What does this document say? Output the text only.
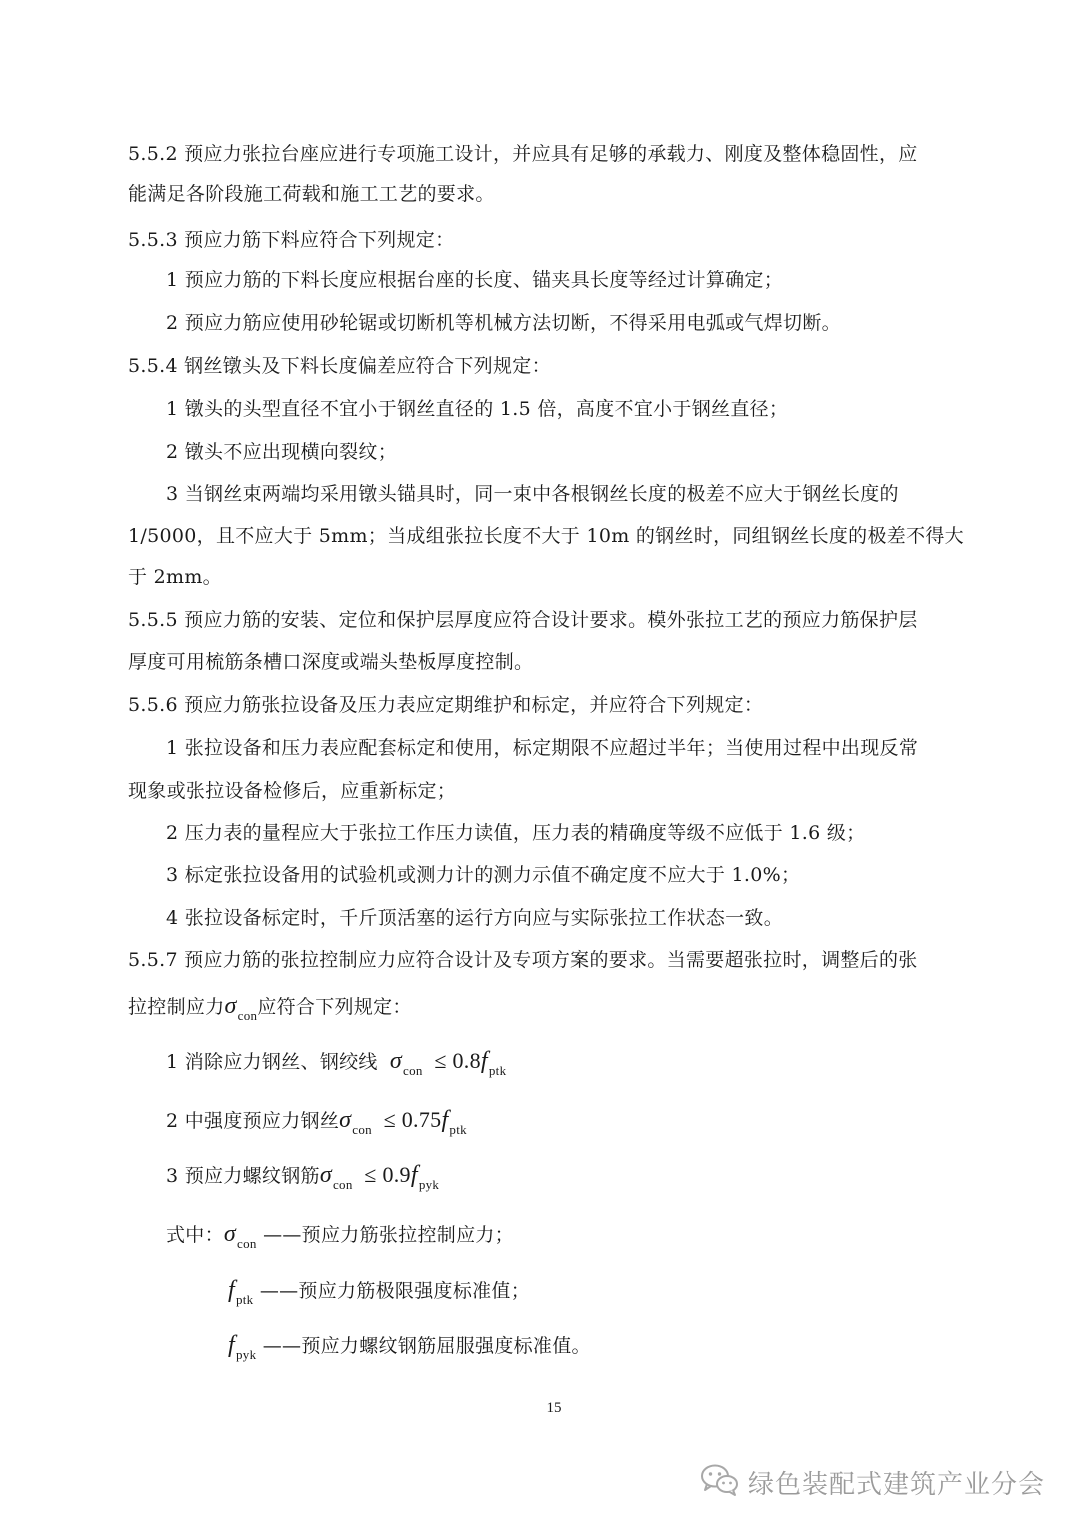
5.5.2 预应力张拉台座应进行专项施工设计，并应具有足够的承载力、刚度及整体稳固性，应
能满足各阶段施工荷载和施工工艺的要求。
5.5.3 预应力筋下料应符合下列规定：
1 预应力筋的下料长度应根据台座的长度、锚夹具长度等经过计算确定；
2 预应力筋应使用砂轮锯或切断机等机械方法切断，不得采用电弧或气焊切断。
5.5.4 钢丝镦头及下料长度偏差应符合下列规定：
1 镦头的头型直径不宜小于钢丝直径的 1.5 倍，高度不宜小于钢丝直径；
2 镦头不应出现横向裂纹；
3 当钢丝束两端均采用镦头锚具时，同一束中各根钢丝长度的极差不应大于钢丝长度的
1/5000，且不应大于 5mm；当成组张拉长度不大于 10m 的钢丝时，同组钢丝长度的极差不得大
于 2mm。
5.5.5 预应力筋的安装、定位和保护层厚度应符合设计要求。模外张拉工艺的预应力筋保护层
厚度可用梳筋条槽口深度或端头垫板厚度控制。
5.5.6 预应力筋张拉设备及压力表应定期维护和标定，并应符合下列规定：
1 张拉设备和压力表应配套标定和使用，标定期限不应超过半年；当使用过程中出现反常
现象或张拉设备检修后，应重新标定；
2 压力表的量程应大于张拉工作压力读值，压力表的精确度等级不应低于 1.6 级；
3 标定张拉设备用的试验机或测力计的测力示值不确定度不应大于 1.0%；
4 张拉设备标定时，千斤顶活塞的运行方向应与实际张拉工作状态一致。
5.5.7 预应力筋的张拉控制应力应符合设计及专项方案的要求。当需要超张拉时，调整后的张
拉控制应力$\sigma_{con}$应符合下列规定：
1 消除应力钢丝、钢绞线 $\sigma_{con} \le 0.8f_{ptk}$
2 中强度预应力钢丝$\sigma_{con} \le 0.75f_{ptk}$
3 预应力螺纹钢筋$\sigma_{con} \le 0.9f_{pyk}$
式中：$\sigma_{con}$ ——预应力筋张拉控制应力；
$f_{ptk}$ ——预应力筋极限强度标准值；
$f_{pyk}$ ——预应力螺纹钢筋屈服强度标准值。
15
绿色装配式建筑产业分会
